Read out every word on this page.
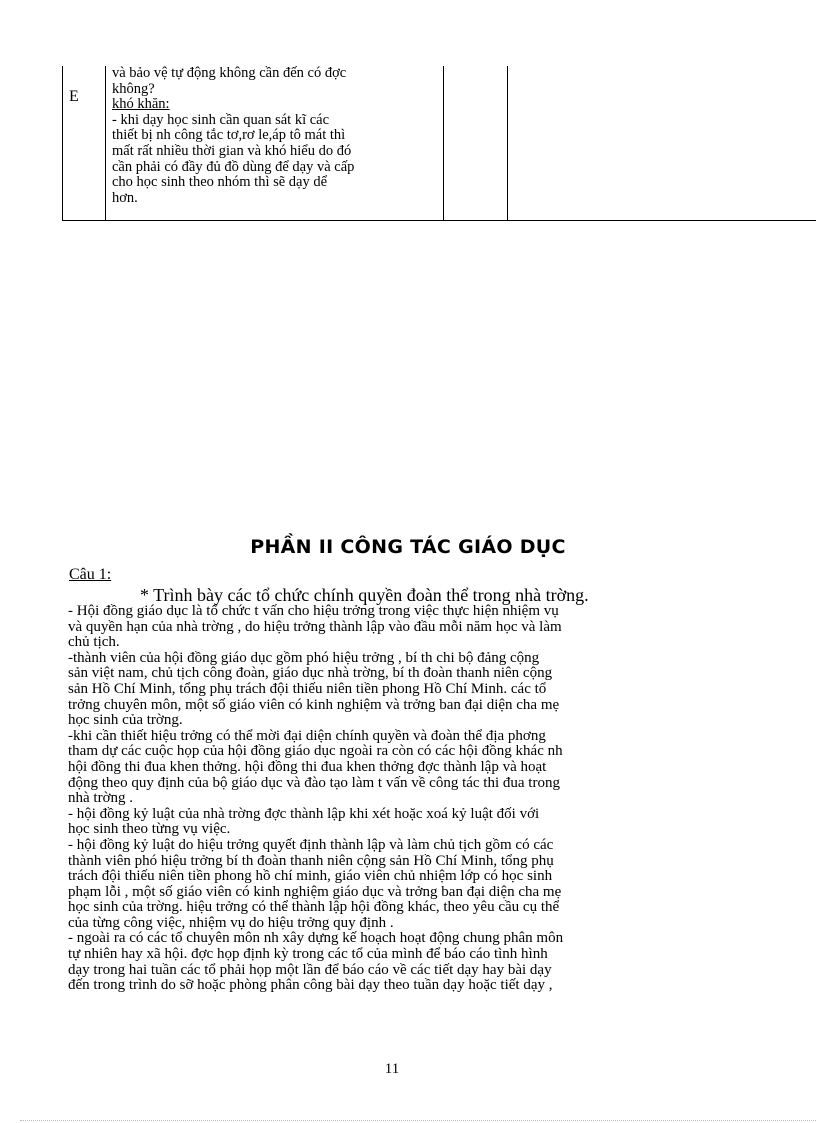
E
và bảo vệ tự động không cần đến có đợc
không?
khó khăn:
- khi dạy học sinh cần quan sát kĩ các
thiết bị nh công tắc tơ,rơ le,áp tô mát thì
mất rất nhiều thời gian và khó hiểu do đó
cần phải có đầy đủ đồ dùng để dạy và cấp
cho học sinh theo nhóm thì sẽ dạy dể
hơn.
PHẦN II CÔNG TÁC GIÁO DỤC
Câu 1:
* Trình bày các tổ chức chính quyền đoàn thể trong nhà trờng.

- Hội đồng giáo dục là tổ chức t vấn cho hiệu trởng trong việc thực hiện nhiệm vụ

và quyền hạn của nhà trờng , do hiệu trởng thành lập vào đầu mỗi năm học và làm

chủ tịch.

-thành viên của hội đồng giáo dục gồm phó hiệu trởng , bí th chi bộ đảng cộng

sản việt nam, chủ tịch công đoàn, giáo dục nhà trờng, bí th đoàn thanh niên cộng

sản Hồ Chí Minh, tổng phụ trách đội thiếu niên tiền phong Hồ Chí Minh. các tổ

trởng chuyên môn, một số giáo viên có kinh nghiệm và trởng ban đại diện cha mẹ

học sinh của trờng.

-khi cần thiết hiệu trởng có thể mời đại diện chính quyền và đoàn thể địa phơng

tham dự các cuộc họp của hội đồng giáo dục ngoài ra còn có các hội đồng khác nh

hội đồng thi đua khen thởng. hội đồng thi đua khen thởng đợc thành lập và hoạt

động theo quy định của bộ giáo dục và đào tạo làm t vấn về công tác thi đua trong

nhà trờng .

- hội đồng kỷ luật của nhà trờng đợc thành lập khi xét hoặc xoá kỷ luật đối với

học sinh theo từng vụ việc.

- hội đồng kỷ luật do hiệu trởng quyết định thành lập và làm chủ tịch gồm có các

thành viên phó hiệu trởng bí th đoàn thanh niên cộng sản Hồ Chí Minh, tổng phụ

trách đội thiếu niên tiền phong hồ chí minh, giáo viên chủ nhiệm lớp có học sinh

phạm lỗi , một số giáo viên có kinh nghiệm giáo dục và trởng ban đại diện cha mẹ

học sinh của trờng. hiệu trởng có thể thành lập hội đồng khác, theo yêu cầu cụ thể

của từng công việc, nhiệm vụ do hiệu trởng quy định .

- ngoài ra có các tổ chuyên môn nh xây dựng kế hoạch hoạt động chung phân môn

tự nhiên hay xã hội. đợc họp định kỳ trong các tổ của mình để báo cáo tình hình

dạy trong hai tuần các tổ phải họp một lần để báo cáo về các tiết dạy hay bài dạy

đến trong trình do sỡ hoặc phòng phân công bài dạy theo tuần dạy hoặc tiết dạy ,

11
